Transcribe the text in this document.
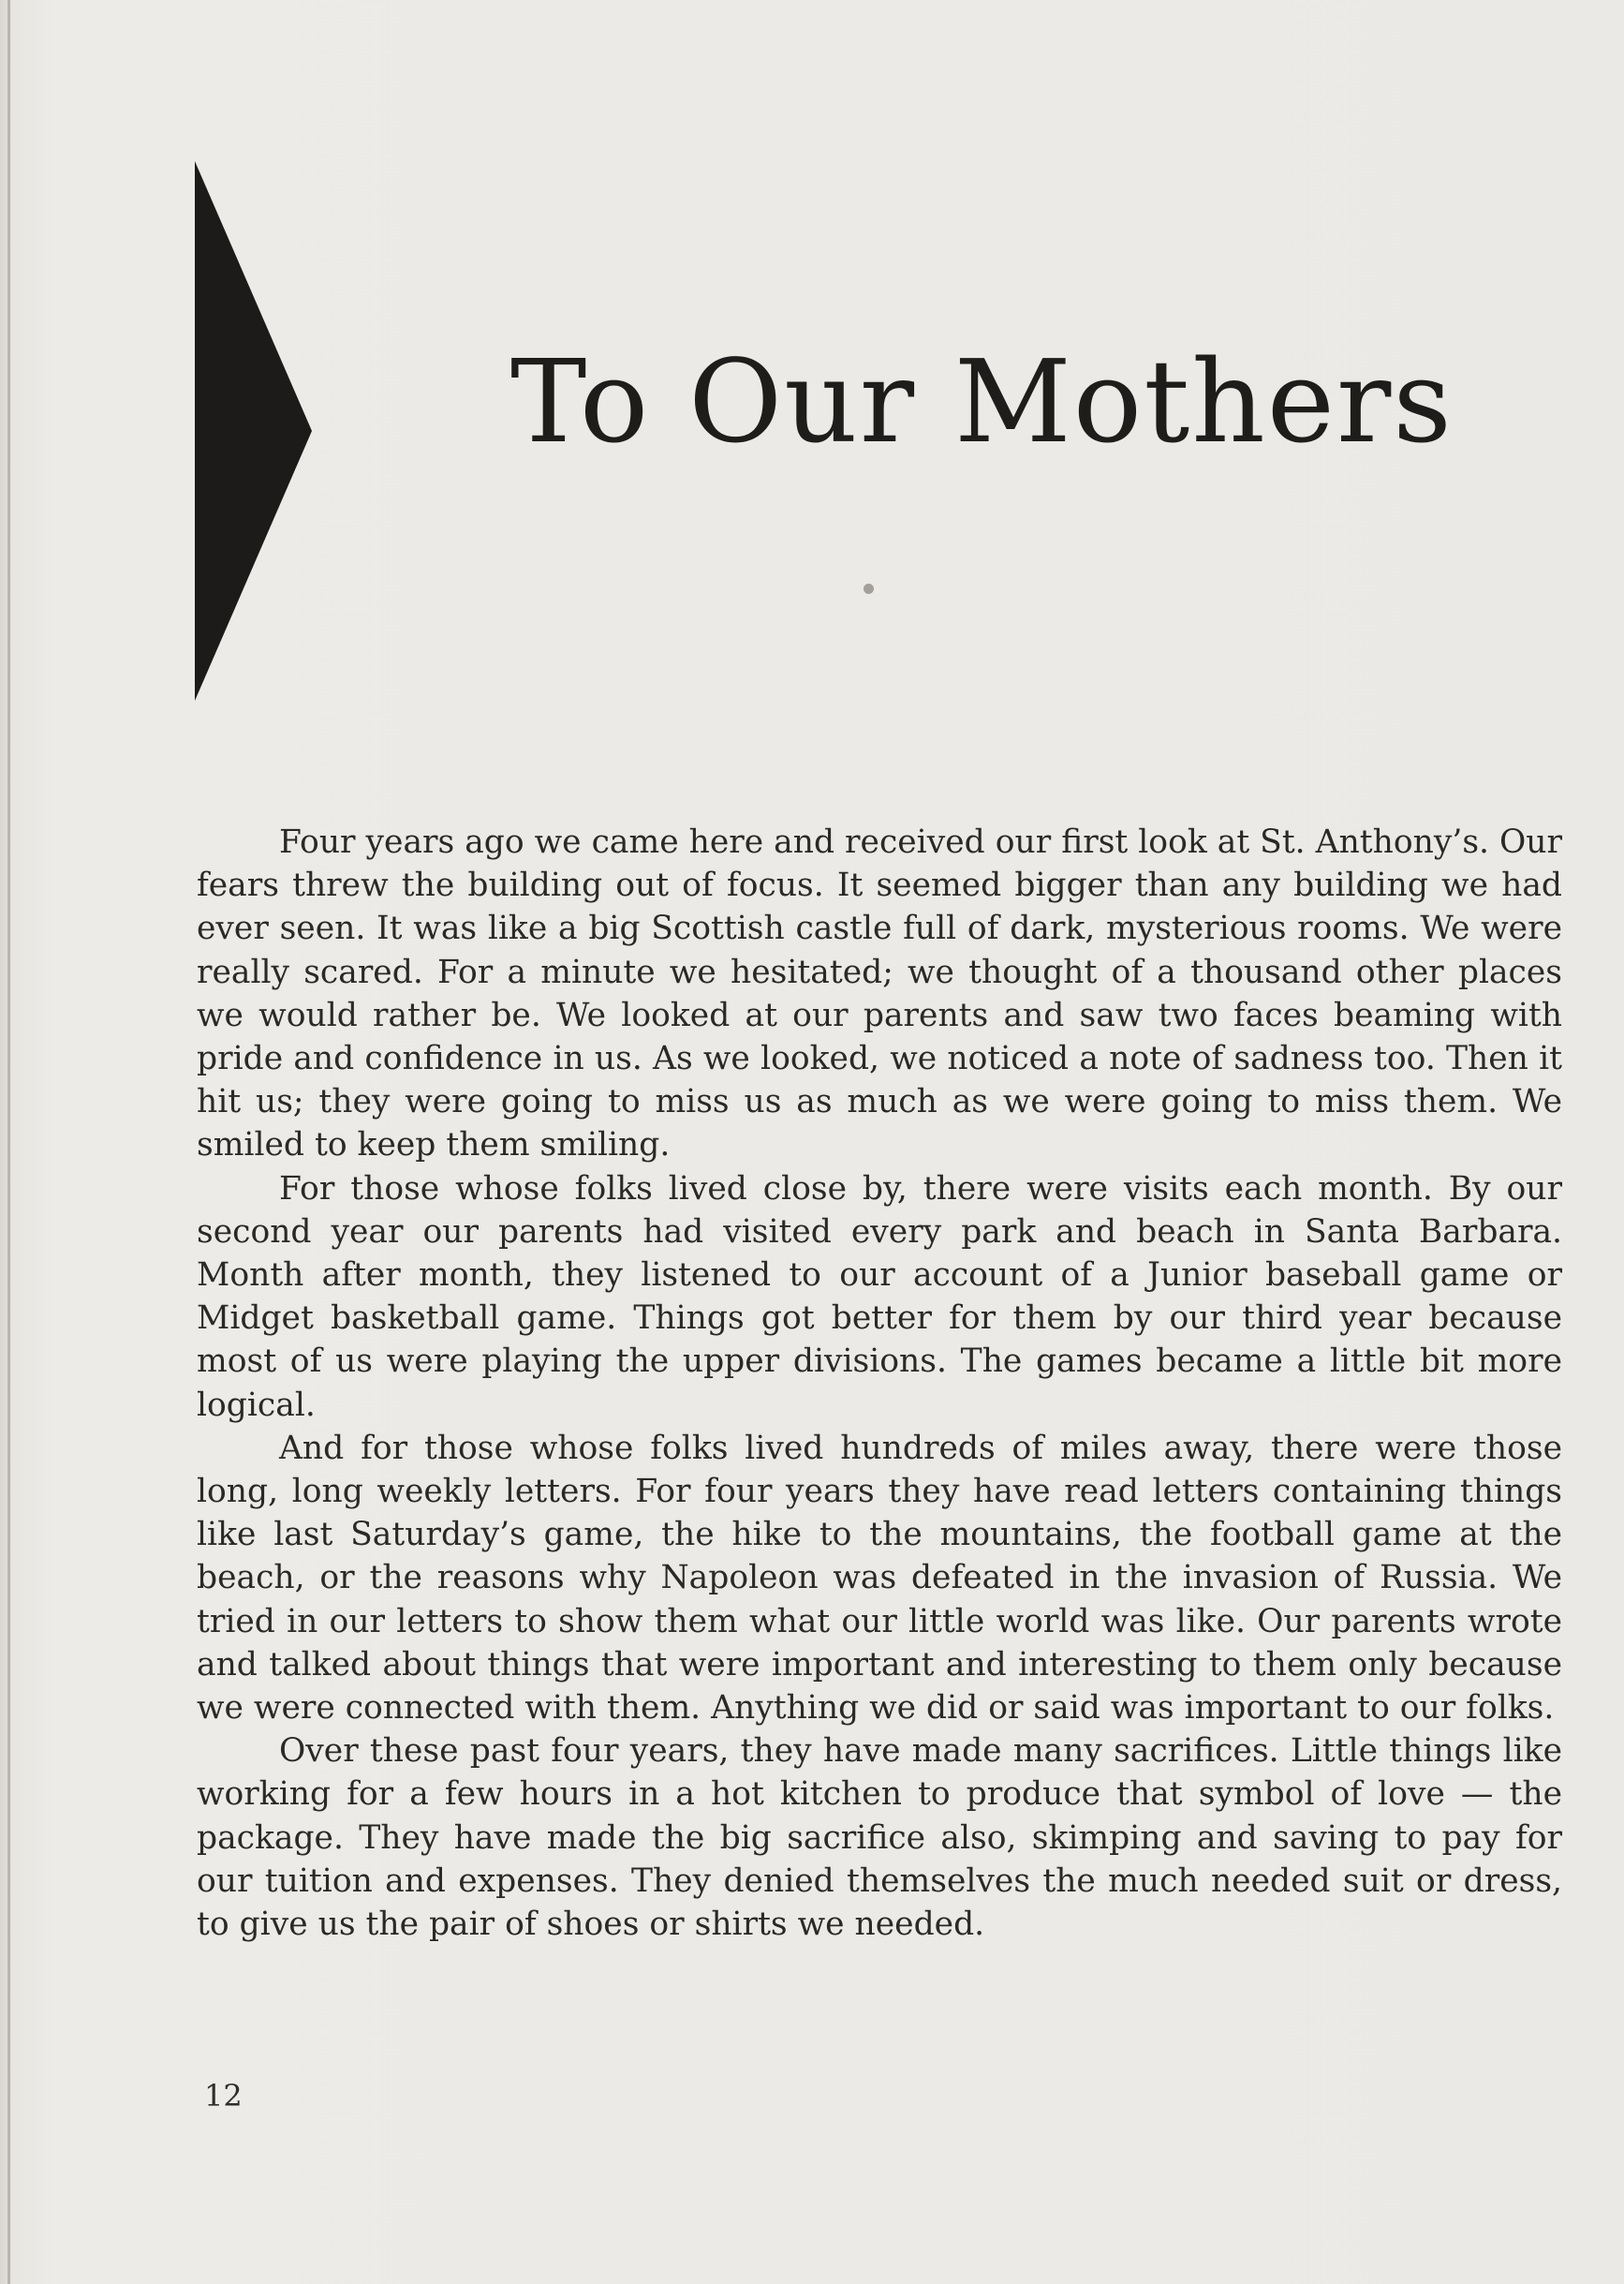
To Our Mothers

Four years ago we came here and received our first look at St. Anthony’s. Our fears threw the building out of focus. It seemed bigger than any building we had ever seen. It was like a big Scottish castle full of dark, mysterious rooms. We were really scared. For a minute we hesitated; we thought of a thousand other places we would rather be. We looked at our parents and saw two faces beaming with pride and confidence in us. As we looked, we noticed a note of sadness too. Then it hit us; they were going to miss us as much as we were going to miss them. We smiled to keep them smiling.

For those whose folks lived close by, there were visits each month. By our second year our parents had visited every park and beach in Santa Barbara. Month after month, they listened to our account of a Junior baseball game or Midget basketball game. Things got better for them by our third year because most of us were playing the upper divisions. The games became a little bit more logical.

And for those whose folks lived hundreds of miles away, there were those long, long weekly letters. For four years they have read letters containing things like last Saturday’s game, the hike to the mountains, the football game at the beach, or the reasons why Napoleon was defeated in the invasion of Russia. We tried in our letters to show them what our little world was like. Our parents wrote and talked about things that were important and interesting to them only because we were connected with them. Anything we did or said was important to our folks.

Over these past four years, they have made many sacrifices. Little things like working for a few hours in a hot kitchen to produce that symbol of love — the package. They have made the big sacrifice also, skimping and saving to pay for our tuition and expenses. They denied themselves the much needed suit or dress, to give us the pair of shoes or shirts we needed.

12
